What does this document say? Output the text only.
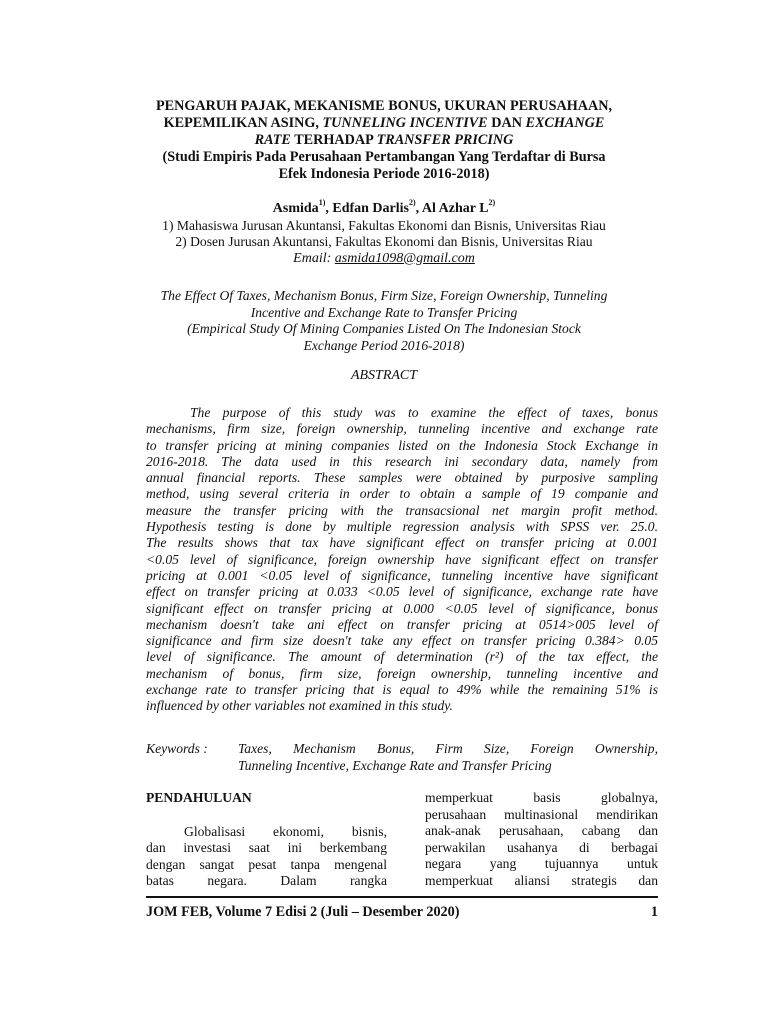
PENGARUH PAJAK, MEKANISME BONUS, UKURAN PERUSAHAAN,
KEPEMILIKAN ASING, TUNNELING INCENTIVE DAN EXCHANGE
RATE TERHADAP TRANSFER PRICING
(Studi Empiris Pada Perusahaan Pertambangan Yang Terdaftar di Bursa
Efek Indonesia Periode 2016-2018)
Asmida$^{1)}$, Edfan Darlis$^{2)}$, Al Azhar $L^{2)}$
1) Mahasiswa Jurusan Akuntansi, Fakultas Ekonomi dan Bisnis, Universitas Riau
2) Dosen Jurusan Akuntansi, Fakultas Ekonomi dan Bisnis, Universitas Riau
Email: asmida1098@gmail.com
The Effect Of Taxes, Mechanism Bonus, Firm Size, Foreign Ownership, Tunneling
Incentive and Exchange Rate to Transfer Pricing
(Empirical Study Of Mining Companies Listed On The Indonesian Stock
Exchange Period 2016-2018)
ABSTRACT
The purpose of this study was to examine the effect of taxes, bonus
mechanisms, firm size, foreign ownership, tunneling incentive and exchange rate
to transfer pricing at mining companies listed on the Indonesia Stock Exchange in
2016-2018. The data used in this research ini secondary data, namely from
annual financial reports. These samples were obtained by purposive sampling
method, using several criteria in order to obtain a sample of 19 companie and
measure the transfer pricing with the transacsional net margin profit method.
Hypothesis testing is done by multiple regression analysis with SPSS ver. 25.0.
The results shows that tax have significant effect on transfer pricing at 0.001
<0.05 level of significance, foreign ownership have significant effect on transfer
pricing at 0.001 <0.05 level of significance, tunneling incentive have significant
effect on transfer pricing at 0.033 <0.05 level of significance, exchange rate have
significant effect on transfer pricing at 0.000 <0.05 level of significance, bonus
mechanism doesn't take ani effect on transfer pricing at 0514>005 level of
significance and firm size doesn't take any effect on transfer pricing 0.384> 0.05
level of significance. The amount of determination (r²) of the tax effect, the
mechanism of bonus, firm size, foreign ownership, tunneling incentive and
exchange rate to transfer pricing that is equal to 49% while the remaining 51% is
influenced by other variables not examined in this study.
Keywords : Taxes, Mechanism Bonus, Firm Size, Foreign Ownership,
Tunneling Incentive, Exchange Rate and Transfer Pricing
PENDAHULUAN
Globalisasi ekonomi, bisnis,
dan investasi saat ini berkembang
dengan sangat pesat tanpa mengenal
batas negara. Dalam rangka
memperkuat basis globalnya,
perusahaan multinasional mendirikan
anak-anak perusahaan, cabang dan
perwakilan usahanya di berbagai
negara yang tujuannya untuk
memperkuat aliansi strategis dan
JOM FEB, Volume 7 Edisi 2 (Juli – Desember 2020)	1
